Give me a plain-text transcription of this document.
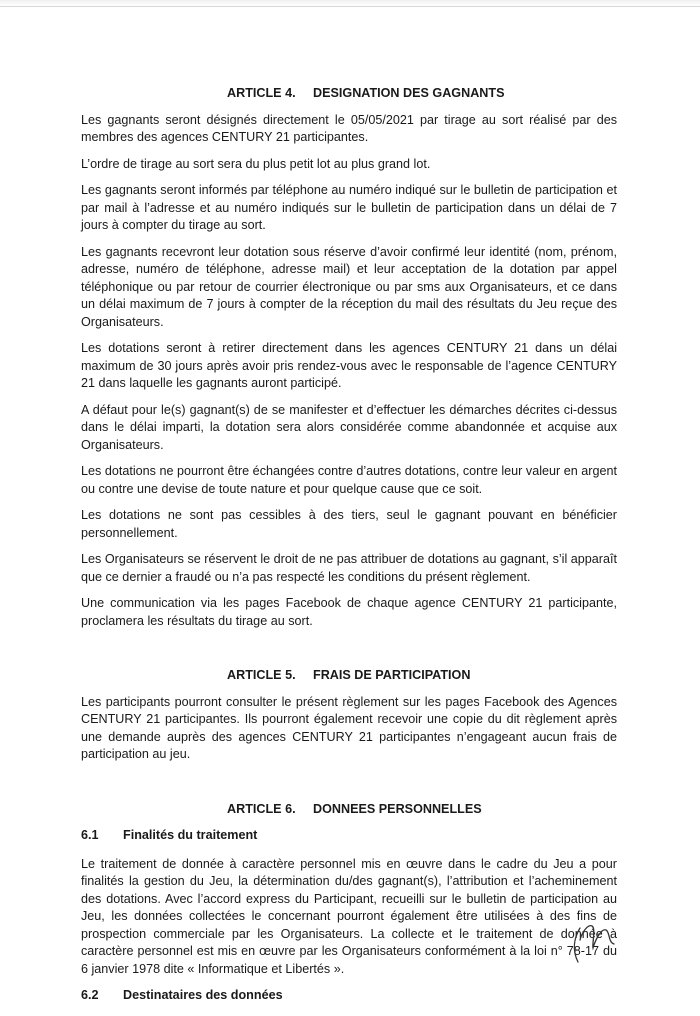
ARTICLE 4.	DESIGNATION DES GAGNANTS

Les gagnants seront désignés directement le 05/05/2021 par tirage au sort réalisé par des membres des agences CENTURY 21 participantes.

L’ordre de tirage au sort sera du plus petit lot au plus grand lot.

Les gagnants seront informés par téléphone au numéro indiqué sur le bulletin de participation et par mail à l’adresse et au numéro indiqués sur le bulletin de participation dans un délai de 7 jours à compter du tirage au sort.

Les gagnants recevront leur dotation sous réserve d’avoir confirmé leur identité (nom, prénom, adresse, numéro de téléphone, adresse mail) et leur acceptation de la dotation par appel téléphonique ou par retour de courrier électronique ou par sms aux Organisateurs, et ce dans un délai maximum de 7 jours à compter de la réception du mail des résultats du Jeu reçue des Organisateurs.

Les dotations seront à retirer directement dans les agences CENTURY 21 dans un délai maximum de 30 jours après avoir pris rendez-vous avec le responsable de l’agence CENTURY 21 dans laquelle les gagnants auront participé.

A défaut pour le(s) gagnant(s) de se manifester et d’effectuer les démarches décrites ci-dessus dans le délai imparti, la dotation sera alors considérée comme abandonnée et acquise aux Organisateurs.

Les dotations ne pourront être échangées contre d’autres dotations, contre leur valeur en argent ou contre une devise de toute nature et pour quelque cause que ce soit.

Les dotations ne sont pas cessibles à des tiers, seul le gagnant pouvant en bénéficier personnellement.

Les Organisateurs se réservent le droit de ne pas attribuer de dotations au gagnant, s’il apparaît que ce dernier a fraudé ou n’a pas respecté les conditions du présent règlement.

Une communication via les pages Facebook de chaque agence CENTURY 21 participante, proclamera les résultats du tirage au sort.

ARTICLE 5.	FRAIS DE PARTICIPATION

Les participants pourront consulter le présent règlement sur les pages Facebook des Agences CENTURY 21 participantes. Ils pourront également recevoir une copie du dit règlement après une demande auprès des agences CENTURY 21 participantes n’engageant aucun frais de participation au jeu.

ARTICLE 6.	DONNEES PERSONNELLES
6.1	Finalités du traitement

Le traitement de donnée à caractère personnel mis en œuvre dans le cadre du Jeu a pour finalités la gestion du Jeu, la détermination du/des gagnant(s), l’attribution et l’acheminement des dotations. Avec l’accord express du Participant, recueilli sur le bulletin de participation au Jeu, les données collectées le concernant pourront également être utilisées à des fins de prospection commerciale par les Organisateurs. La collecte et le traitement de donnée à caractère personnel est mis en œuvre par les Organisateurs conformément à la loi n° 78-17 du 6 janvier 1978 dite « Informatique et Libertés ».

6.2	Destinataires des données
